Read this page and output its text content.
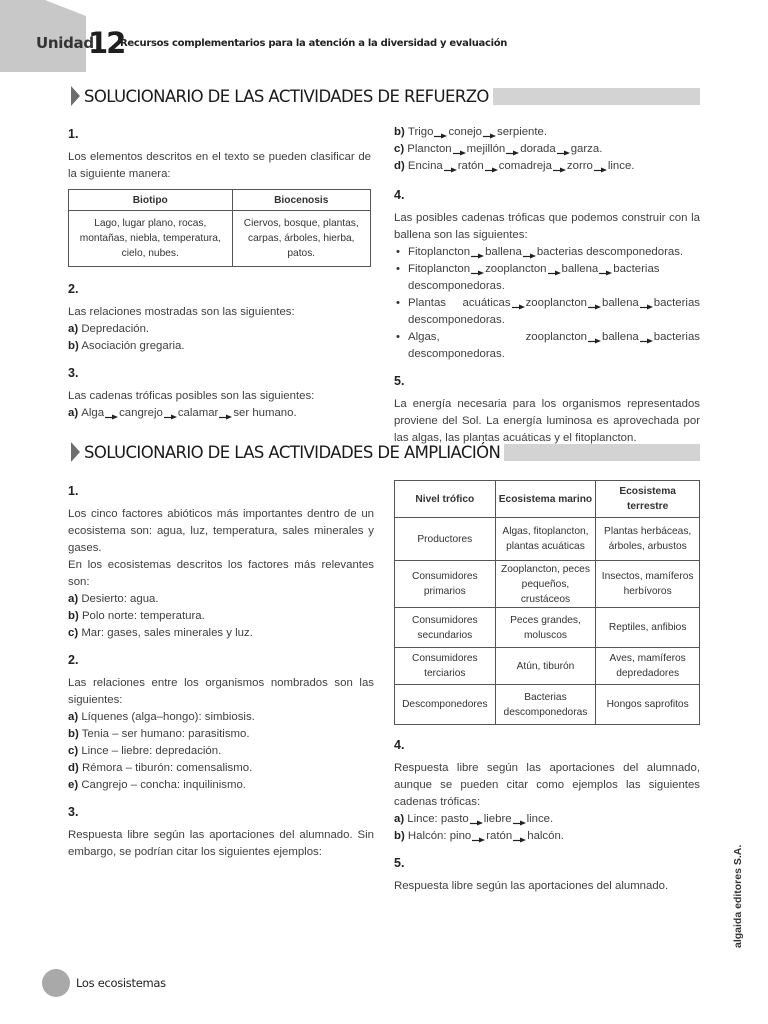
Unidad
12
Recursos complementarios para la atención a la diversidad y evaluación
SOLUCIONARIO DE LAS ACTIVIDADES DE REFUERZO
1.

Los elementos descritos en el texto se pueden clasificar de la siguiente manera:

Biotipo	Biocenosis
Lago, lugar plano, rocas, montañas, niebla, temperatura, cielo, nubes.	Ciervos, bosque, plantas, carpas, árboles, hierba, patos.
2.

Las relaciones mostradas son las siguientes:

a) Depredación.
b) Asociación gregaria.
3.

Las cadenas tróficas posibles son las siguientes:

a) Alga cangrejo calamar ser humano.
b) Trigo conejo serpiente.
c) Plancton mejillón dorada garza.
d) Encina ratón comadreja zorro lince.
4.

Las posibles cadenas tróficas que podemos construir con la ballena son las siguientes:

• Fitoplancton ballena bacterias descomponedoras.
• Fitoplancton zooplancton ballena bacterias descomponedoras.
• Plantas acuáticas zooplancton ballena bacterias descomponedoras.
• Algas, zooplancton ballena bacterias descomponedoras.
5.

La energía necesaria para los organismos representados proviene del Sol. La energía luminosa es aprovechada por las algas, las plantas acuáticas y el fitoplancton.

SOLUCIONARIO DE LAS ACTIVIDADES DE AMPLIACIÓN
1.

Los cinco factores abióticos más importantes dentro de un ecosistema son: agua, luz, temperatura, sales minerales y gases.

En los ecosistemas descritos los factores más relevantes son:

a) Desierto: agua.
b) Polo norte: temperatura.
c) Mar: gases, sales minerales y luz.
2.

Las relaciones entre los organismos nombrados son las siguientes:

a) Líquenes (alga–hongo): simbiosis.
b) Tenia – ser humano: parasitismo.
c) Lince – liebre: depredación.
d) Rémora – tiburón: comensalismo.
e) Cangrejo – concha: inquilinismo.
3.

Respuesta libre según las aportaciones del alumnado. Sin embargo, se podrían citar los siguientes ejemplos:

Nivel trófico	Ecosistema marino	Ecosistema terrestre
Productores	Algas, fitoplancton, plantas acuáticas	Plantas herbáceas, árboles, arbustos
Consumidores primarios	Zooplancton, peces pequeños, crustáceos	Insectos, mamíferos herbívoros
Consumidores secundarios	Peces grandes, moluscos	Reptiles, anfibios
Consumidores terciarios	Atún, tiburón	Aves, mamíferos depredadores
Descomponedores	Bacterias descomponedoras	Hongos saprofitos
4.

Respuesta libre según las aportaciones del alumnado, aunque se pueden citar como ejemplos las siguientes cadenas tróficas:

a) Lince: pasto liebre lince.
b) Halcón: pino ratón halcón.
5.

Respuesta libre según las aportaciones del alumnado.	algaida editores S.A.
Los ecosistemas
